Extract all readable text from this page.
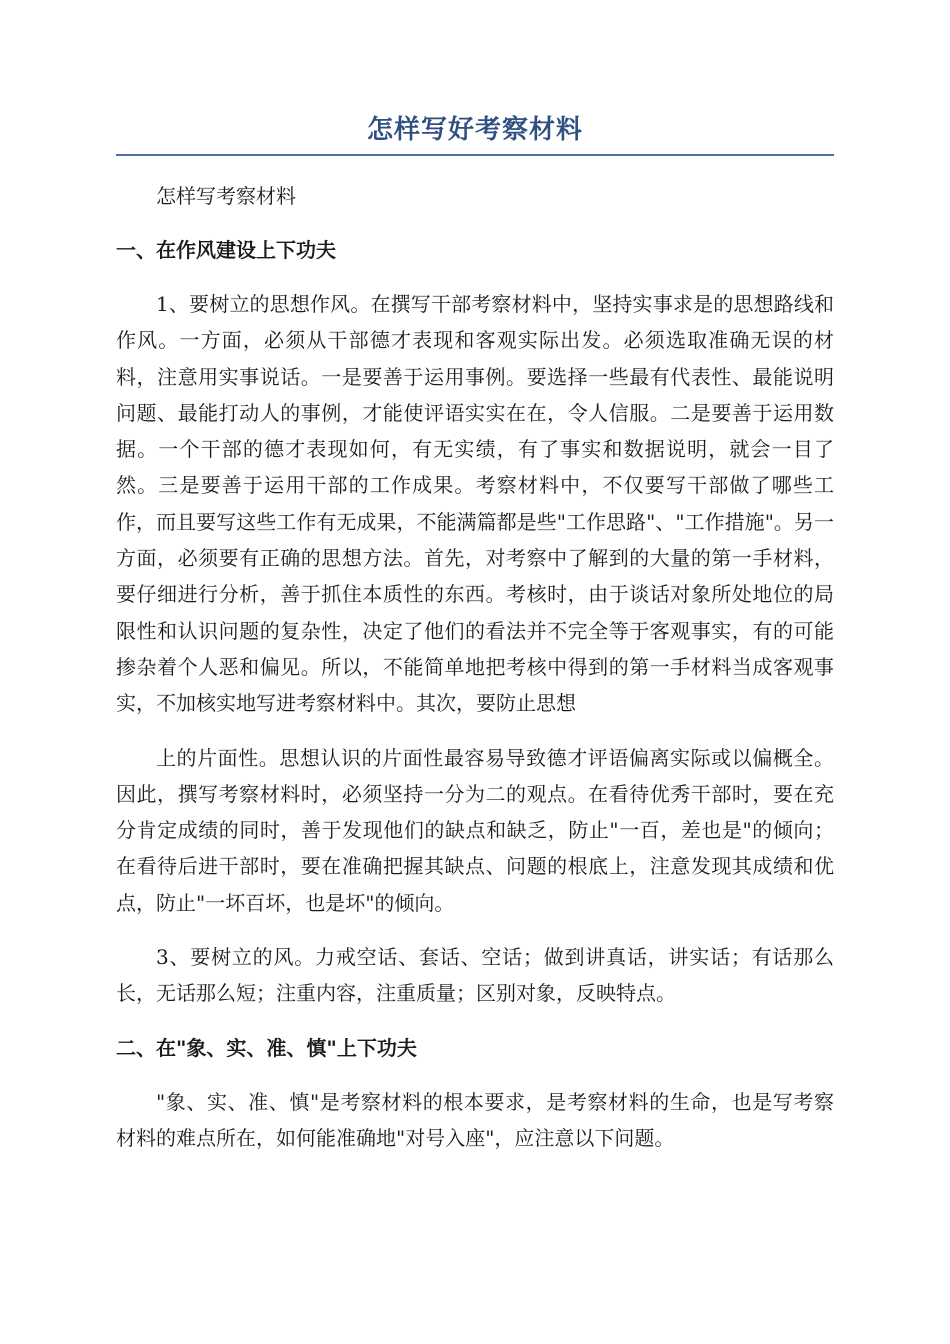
怎样写好考察材料

怎样写考察材料

一、在作风建设上下功夫

1、要树立的思想作风。在撰写干部考察材料中，坚持实事求是的思想路线和作风。一方面，必须从干部德才表现和客观实际出发。必须选取准确无误的材料，注意用实事说话。一是要善于运用事例。要选择一些最有代表性、最能说明问题、最能打动人的事例，才能使评语实实在在，令人信服。二是要善于运用数据。一个干部的德才表现如何，有无实绩，有了事实和数据说明，就会一目了然。三是要善于运用干部的工作成果。考察材料中，不仅要写干部做了哪些工作，而且要写这些工作有无成果，不能满篇都是些"工作思路"、"工作措施"。另一方面，必须要有正确的思想方法。首先，对考察中了解到的大量的第一手材料，要仔细进行分析，善于抓住本质性的东西。考核时，由于谈话对象所处地位的局限性和认识问题的复杂性，决定了他们的看法并不完全等于客观事实，有的可能掺杂着个人恶和偏见。所以，不能简单地把考核中得到的第一手材料当成客观事实，不加核实地写进考察材料中。其次，要防止思想

上的片面性。思想认识的片面性最容易导致德才评语偏离实际或以偏概全。因此，撰写考察材料时，必须坚持一分为二的观点。在看待优秀干部时，要在充分肯定成绩的同时，善于发现他们的缺点和缺乏，防止"一百，差也是"的倾向；在看待后进干部时，要在准确把握其缺点、问题的根底上，注意发现其成绩和优点，防止"一坏百坏，也是坏"的倾向。

3、要树立的风。力戒空话、套话、空话；做到讲真话，讲实话；有话那么长，无话那么短；注重内容，注重质量；区别对象，反映特点。

二、在"象、实、准、慎"上下功夫

"象、实、准、慎"是考察材料的根本要求，是考察材料的生命，也是写考察材料的难点所在，如何能准确地"对号入座"，应注意以下问题。
